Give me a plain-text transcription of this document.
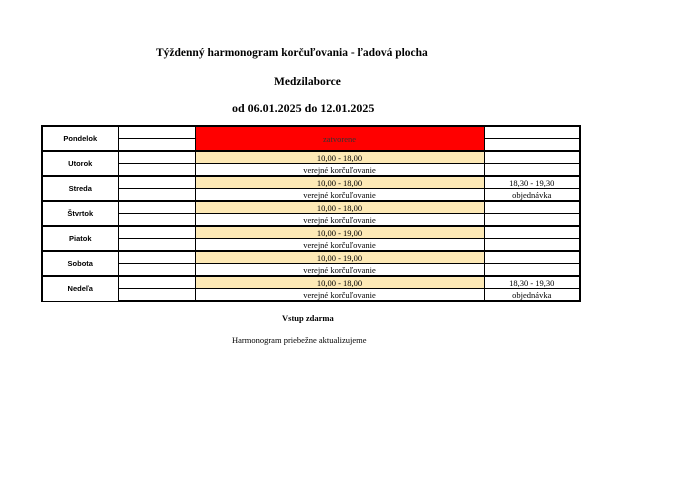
Týždenný harmonogram korčuľovania - ľadová plocha
Medzilaborce
od 06.01.2025 do 12.01.2025
Pondelok		zatvorene	

Utorok		10,00 - 18,00	
		verejné korčuľovanie	
Streda		10,00 - 18,00	18,30 - 19,30
		verejné korčuľovanie	objednávka
Štvrtok		10,00 - 18,00	
		verejné korčuľovanie	
Piatok		10,00 - 19,00	
		verejné korčuľovanie	
Sobota		10,00 - 19,00	
		verejné korčuľovanie	
Nedeľa		10,00 - 18,00	18,30 - 19,30
		verejné korčuľovanie	objednávka
Vstup zdarma
Harmonogram priebežne aktualizujeme
